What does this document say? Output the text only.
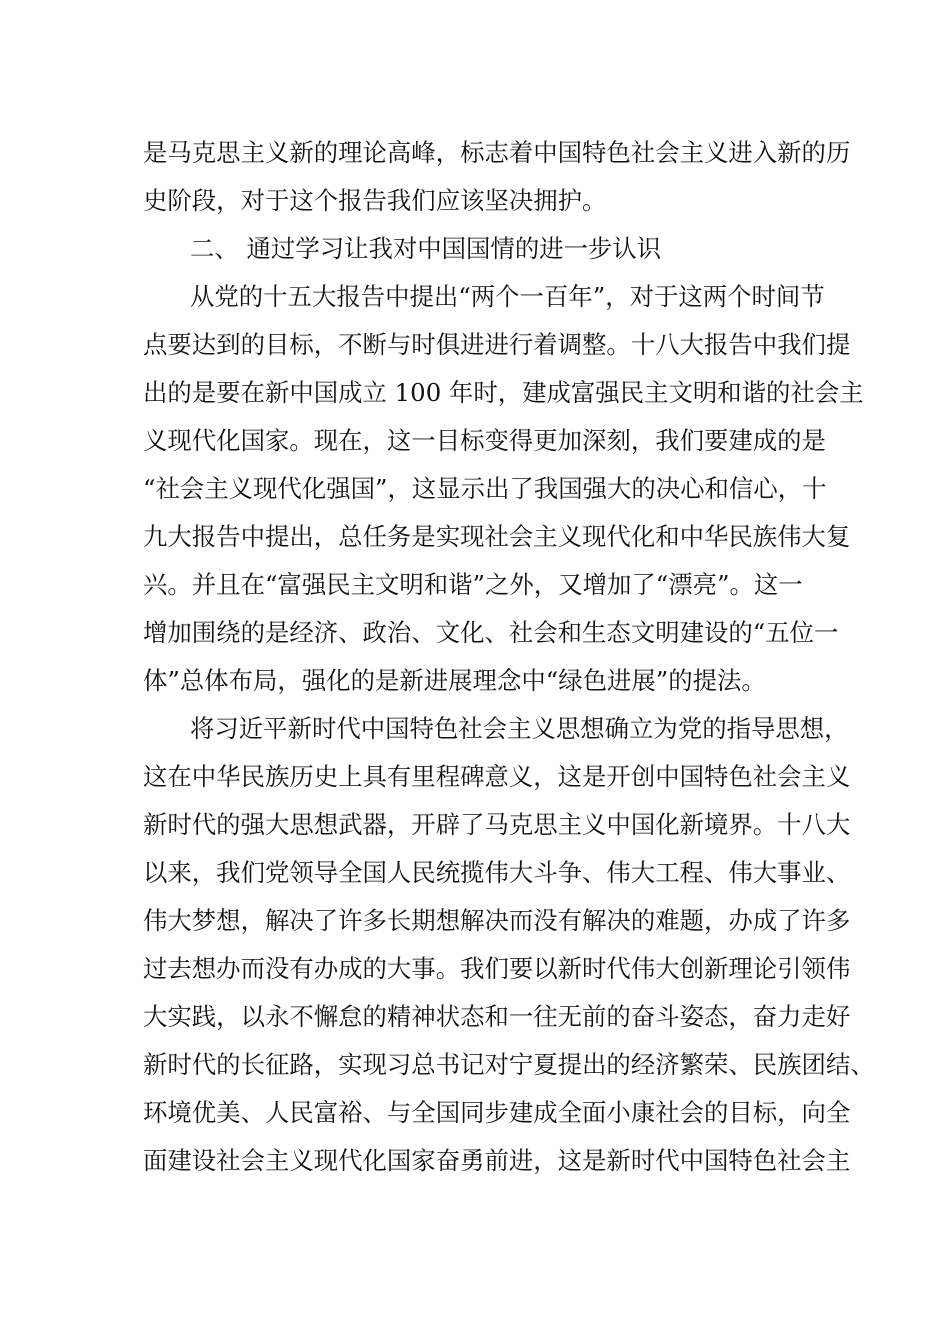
是马克思主义新的理论高峰，标志着中国特色社会主义进入新的历
史阶段，对于这个报告我们应该坚决拥护。
二、 通过学习让我对中国国情的进一步认识
从党的十五大报告中提出“两个一百年”，对于这两个时间节
点要达到的目标，不断与时俱进进行着调整。十八大报告中我们提
出的是要在新中国成立 100 年时，建成富强民主文明和谐的社会主
义现代化国家。现在，这一目标变得更加深刻，我们要建成的是
“社会主义现代化强国”，这显示出了我国强大的决心和信心，十
九大报告中提出，总任务是实现社会主义现代化和中华民族伟大复
兴。并且在“富强民主文明和谐”之外，又增加了“漂亮”。这一
增加围绕的是经济、政治、文化、社会和生态文明建设的“五位一
体”总体布局，强化的是新进展理念中“绿色进展”的提法。
将习近平新时代中国特色社会主义思想确立为党的指导思想，
这在中华民族历史上具有里程碑意义，这是开创中国特色社会主义
新时代的强大思想武器，开辟了马克思主义中国化新境界。十八大
以来，我们党领导全国人民统揽伟大斗争、伟大工程、伟大事业、
伟大梦想，解决了许多长期想解决而没有解决的难题，办成了许多
过去想办而没有办成的大事。我们要以新时代伟大创新理论引领伟
大实践，以永不懈怠的精神状态和一往无前的奋斗姿态，奋力走好
新时代的长征路，实现习总书记对宁夏提出的经济繁荣、民族团结、
环境优美、人民富裕、与全国同步建成全面小康社会的目标，向全
面建设社会主义现代化国家奋勇前进，这是新时代中国特色社会主
